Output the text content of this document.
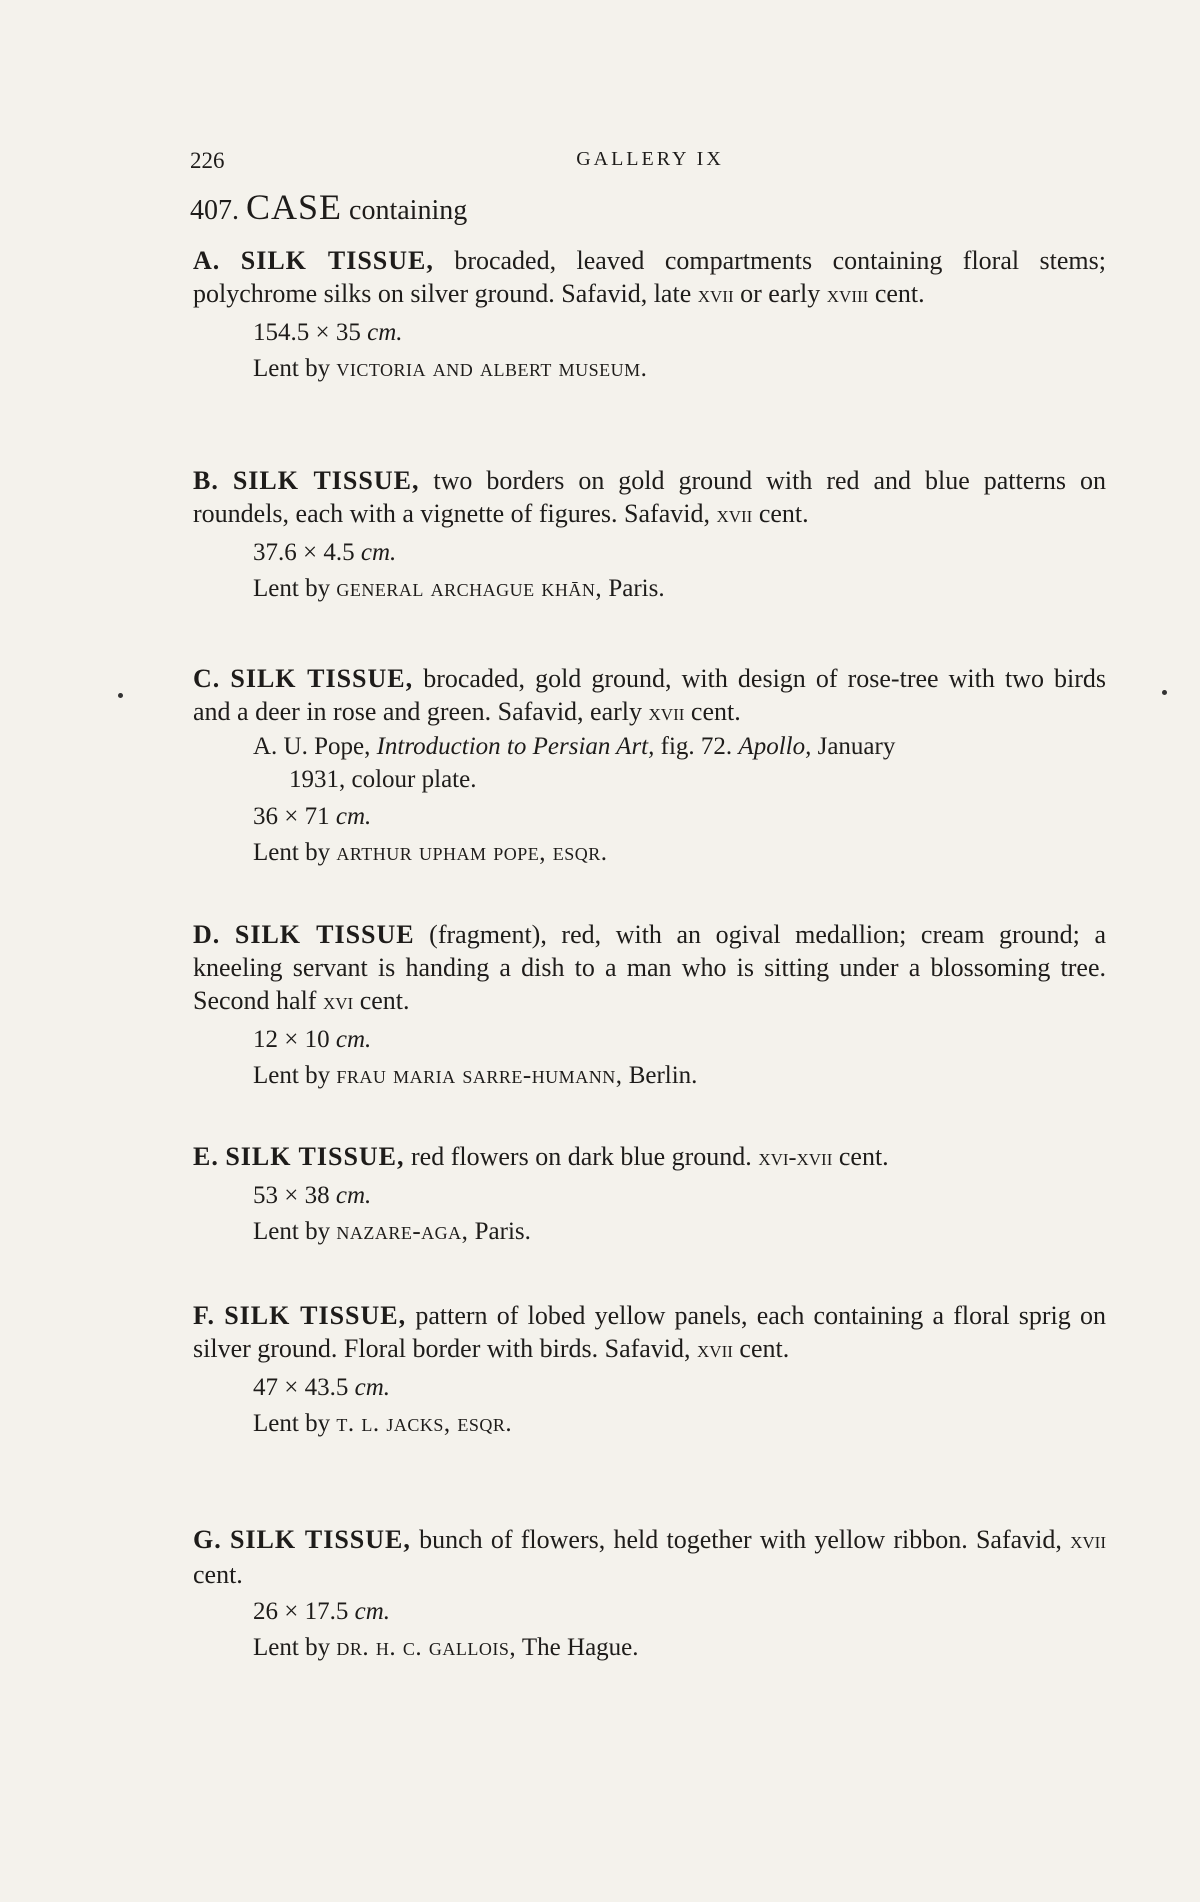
226	GALLERY IX
407. CASE containing

A. SILK TISSUE, brocaded, leaved compartments containing floral stems; polychrome silks on silver ground. Safavid, late xvii or early xviii cent.

154.5 × 35 cm.
Lent by victoria and albert museum.

B. SILK TISSUE, two borders on gold ground with red and blue patterns on roundels, each with a vignette of figures. Safavid, xvii cent.

37.6 × 4.5 cm.
Lent by general archague khān, Paris.

C. SILK TISSUE, brocaded, gold ground, with design of rose-tree with two birds and a deer in rose and green. Safavid, early xvii cent.

A. U. Pope, Introduction to Persian Art, fig. 72. Apollo, January
1931, colour plate.

36 × 71 cm.
Lent by arthur upham pope, esqr.

D. SILK TISSUE (fragment), red, with an ogival medallion; cream ground; a kneeling servant is handing a dish to a man who is sitting under a blossoming tree. Second half xvi cent.

12 × 10 cm.
Lent by frau maria sarre-humann, Berlin.

E. SILK TISSUE, red flowers on dark blue ground. xvi-xvii cent.

53 × 38 cm.
Lent by nazare-aga, Paris.

F. SILK TISSUE, pattern of lobed yellow panels, each containing a floral sprig on silver ground. Floral border with birds. Safavid, xvii cent.

47 × 43.5 cm.
Lent by t. l. jacks, esqr.

G. SILK TISSUE, bunch of flowers, held together with yellow ribbon. Safavid, xvii cent.

26 × 17.5 cm.
Lent by dr. h. c. gallois, The Hague.
